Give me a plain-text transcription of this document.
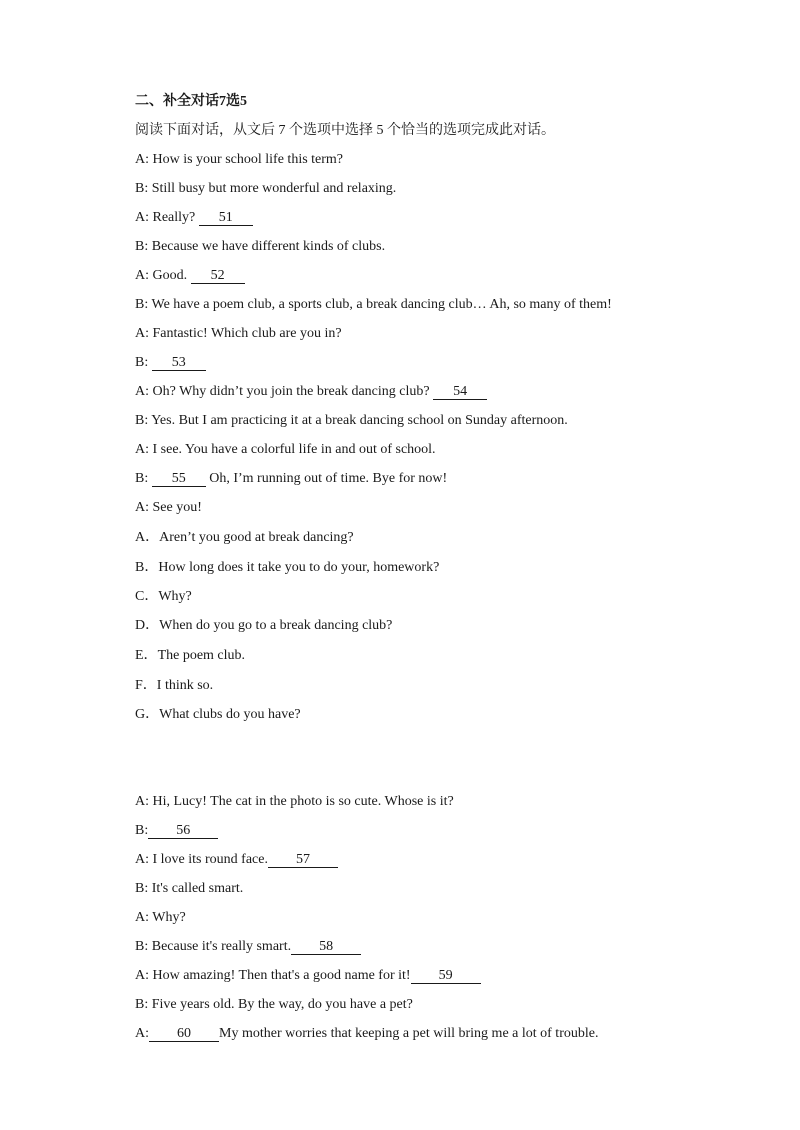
二、补全对话7选5
阅读下面对话，从文后 7 个选项中选择 5 个恰当的选项完成此对话。
A: How is your school life this term?
B: Still busy but more wonderful and relaxing.
A: Really? 51
B: Because we have different kinds of clubs.
A: Good. 52
B: We have a poem club, a sports club, a break dancing club… Ah, so many of them!
A: Fantastic! Which club are you in?
B: 53
A: Oh? Why didn’t you join the break dancing club? 54
B: Yes. But I am practicing it at a break dancing school on Sunday afternoon.
A: I see. You have a colorful life in and out of school.
B: 55 Oh, I’m running out of time. Bye for now!
A: See you!
A．Aren’t you good at break dancing?
B．How long does it take you to do your, homework?
C．Why?
D．When do you go to a break dancing club?
E．The poem club.
F．I think so.
G．What clubs do you have?
A: Hi, Lucy! The cat in the photo is so cute. Whose is it?
B: 56
A: I love its round face. 57
B: It's called smart.
A: Why?
B: Because it's really smart. 58
A: How amazing! Then that's a good name for it! 59
B: Five years old. By the way, do you have a pet?
A: 60 My mother worries that keeping a pet will bring me a lot of trouble.
